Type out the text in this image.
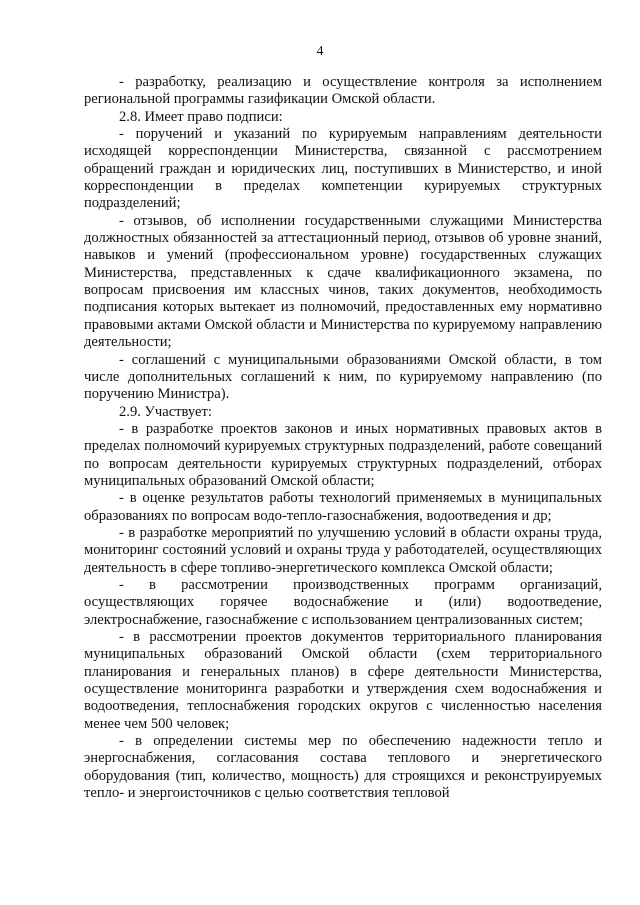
4

- разработку, реализацию и осуществление контроля за исполнением региональной программы газификации Омской области.

2.8. Имеет право подписи:

- поручений и указаний по курируемым направлениям деятельности исходящей корреспонденции Министерства, связанной с рассмотрением обращений граждан и юридических лиц, поступивших в Министерство, и иной корреспонденции в пределах компетенции курируемых структурных подразделений;

- отзывов, об исполнении государственными служащими Министерства должностных обязанностей за аттестационный период, отзывов об уровне знаний, навыков и умений (профессиональном уровне) государственных служащих Министерства, представленных к сдаче квалификационного экзамена, по вопросам присвоения им классных чинов, таких документов, необходимость подписания которых вытекает из полномочий, предоставленных ему нормативно правовыми актами Омской области и Министерства по курируемому направлению деятельности;

- соглашений с муниципальными образованиями Омской области, в том числе дополнительных соглашений к ним, по курируемому направлению (по поручению Министра).

2.9. Участвует:

- в разработке проектов законов и иных нормативных правовых актов в пределах полномочий курируемых структурных подразделений, работе совещаний по вопросам деятельности курируемых структурных подразделений, отборах муниципальных образований Омской области;

- в оценке результатов работы технологий применяемых в муниципальных образованиях по вопросам водо-тепло-газоснабжения, водоотведения и др;

- в разработке мероприятий по улучшению условий в области охраны труда, мониторинг состояний условий и охраны труда у работодателей, осуществляющих деятельность в сфере топливо-энергетического комплекса Омской области;

- в рассмотрении производственных программ организаций, осуществляющих горячее водоснабжение и (или) водоотведение, электроснабжение, газоснабжение с использованием централизованных систем;

- в рассмотрении проектов документов территориального планирования муниципальных образований Омской области (схем территориального планирования и генеральных планов) в сфере деятельности Министерства, осуществление мониторинга разработки и утверждения схем водоснабжения и водоотведения, теплоснабжения городских округов с численностью населения менее чем 500 человек;

- в определении системы мер по обеспечению надежности тепло и энергоснабжения, согласования состава теплового и энергетического оборудования (тип, количество, мощность) для строящихся и реконструируемых тепло- и энергоисточников с целью соответствия тепловой
